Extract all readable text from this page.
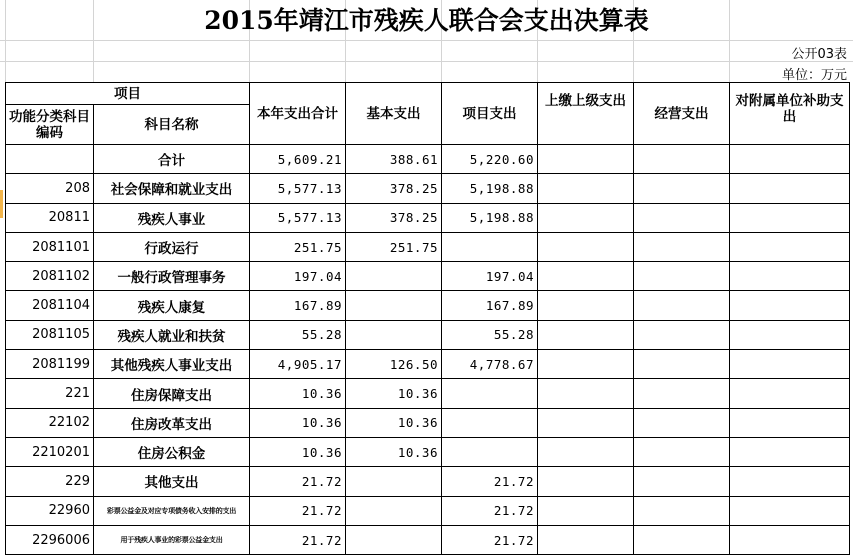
2015年靖江市残疾人联合会支出决算表
公开03表
单位：万元
项目		本年支出合计	基本支出	项目支出	上缴上级支出	经营支出	对附属单位补助支出
功能分类科目编码	科目名称						
	合计	5,609.21	388.61	5,220.60			
208	社会保障和就业支出	5,577.13	378.25	5,198.88			
20811	残疾人事业	5,577.13	378.25	5,198.88			
2081101	行政运行	251.75	251.75				
2081102	一般行政管理事务	197.04		197.04			
2081104	残疾人康复	167.89		167.89			
2081105	残疾人就业和扶贫	55.28		55.28			
2081199	其他残疾人事业支出	4,905.17	126.50	4,778.67			
221	住房保障支出	10.36	10.36				
22102	住房改革支出	10.36	10.36				
2210201	住房公积金	10.36	10.36				
229	其他支出	21.72		21.72			
22960	彩票公益金及对应专项债务收入安排的支出	21.72		21.72			
2296006	用于残疾人事业的彩票公益金支出	21.72		21.72			
